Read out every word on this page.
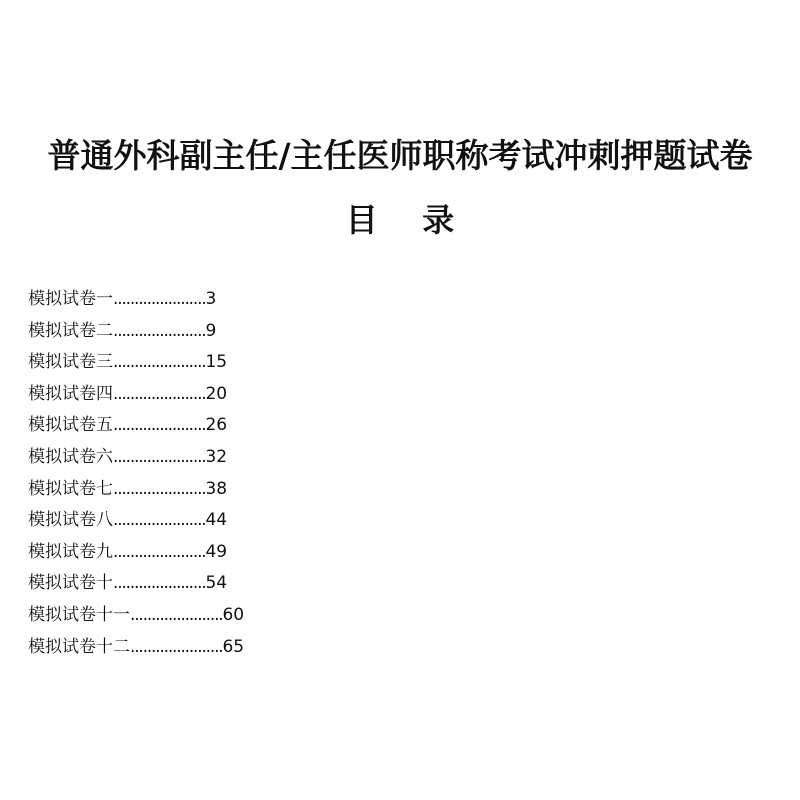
普通外科副主任/主任医师职称考试冲刺押题试卷
目    录
模拟试卷一......................3
模拟试卷二......................9
模拟试卷三......................15
模拟试卷四......................20
模拟试卷五......................26
模拟试卷六......................32
模拟试卷七......................38
模拟试卷八......................44
模拟试卷九......................49
模拟试卷十......................54
模拟试卷十一......................60
模拟试卷十二......................65
